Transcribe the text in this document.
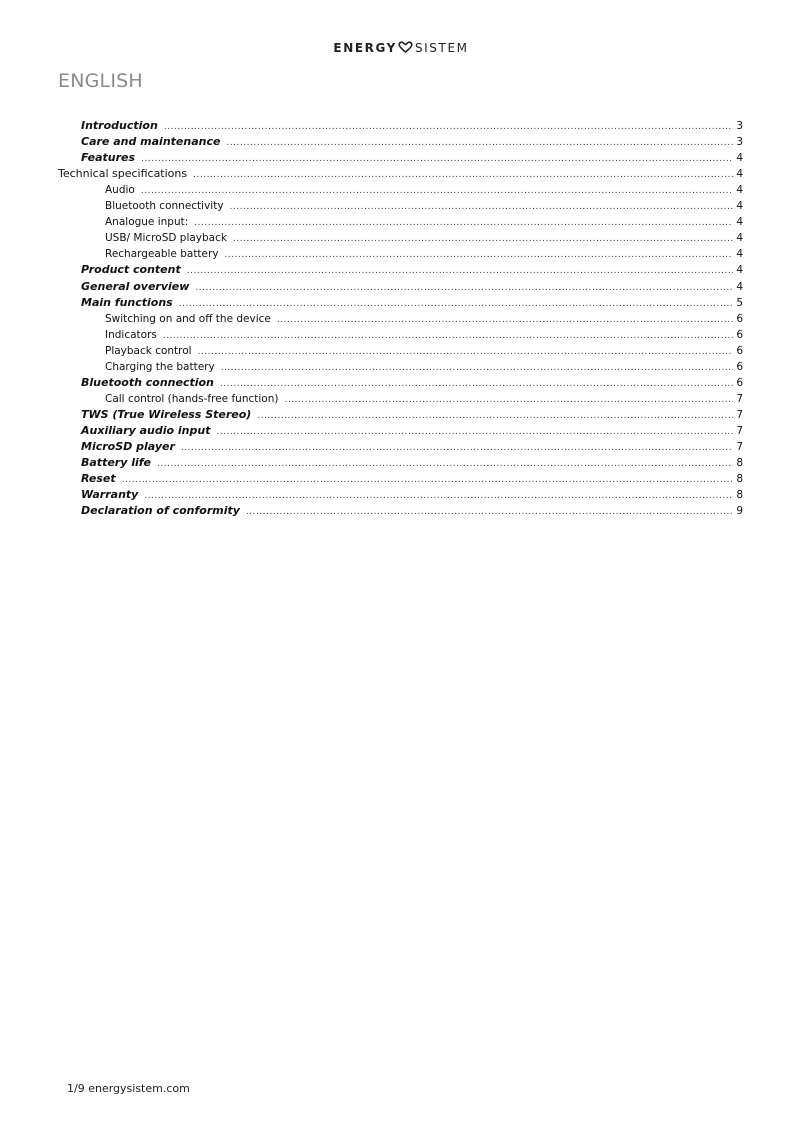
ENERGY SISTEM
ENGLISH
Introduction .....	3
Care and maintenance .....	3
Features .....	4
Technical specifications .....	4
Audio .....	4
Bluetooth connectivity .....	4
Analogue input: .....	4
USB/ MicroSD playback .....	4
Rechargeable battery .....	4
Product content .....	4
General overview .....	4
Main functions .....	5
Switching on and off the device .....	6
Indicators .....	6
Playback control .....	6
Charging the battery .....	6
Bluetooth connection .....	6
Call control (hands-free function) .....	7
TWS (True Wireless Stereo) .....	7
Auxiliary audio input .....	7
MicroSD player .....	7
Battery life .....	8
Reset .....	8
Warranty .....	8
Declaration of conformity .....	9
1/9 energysistem.com
